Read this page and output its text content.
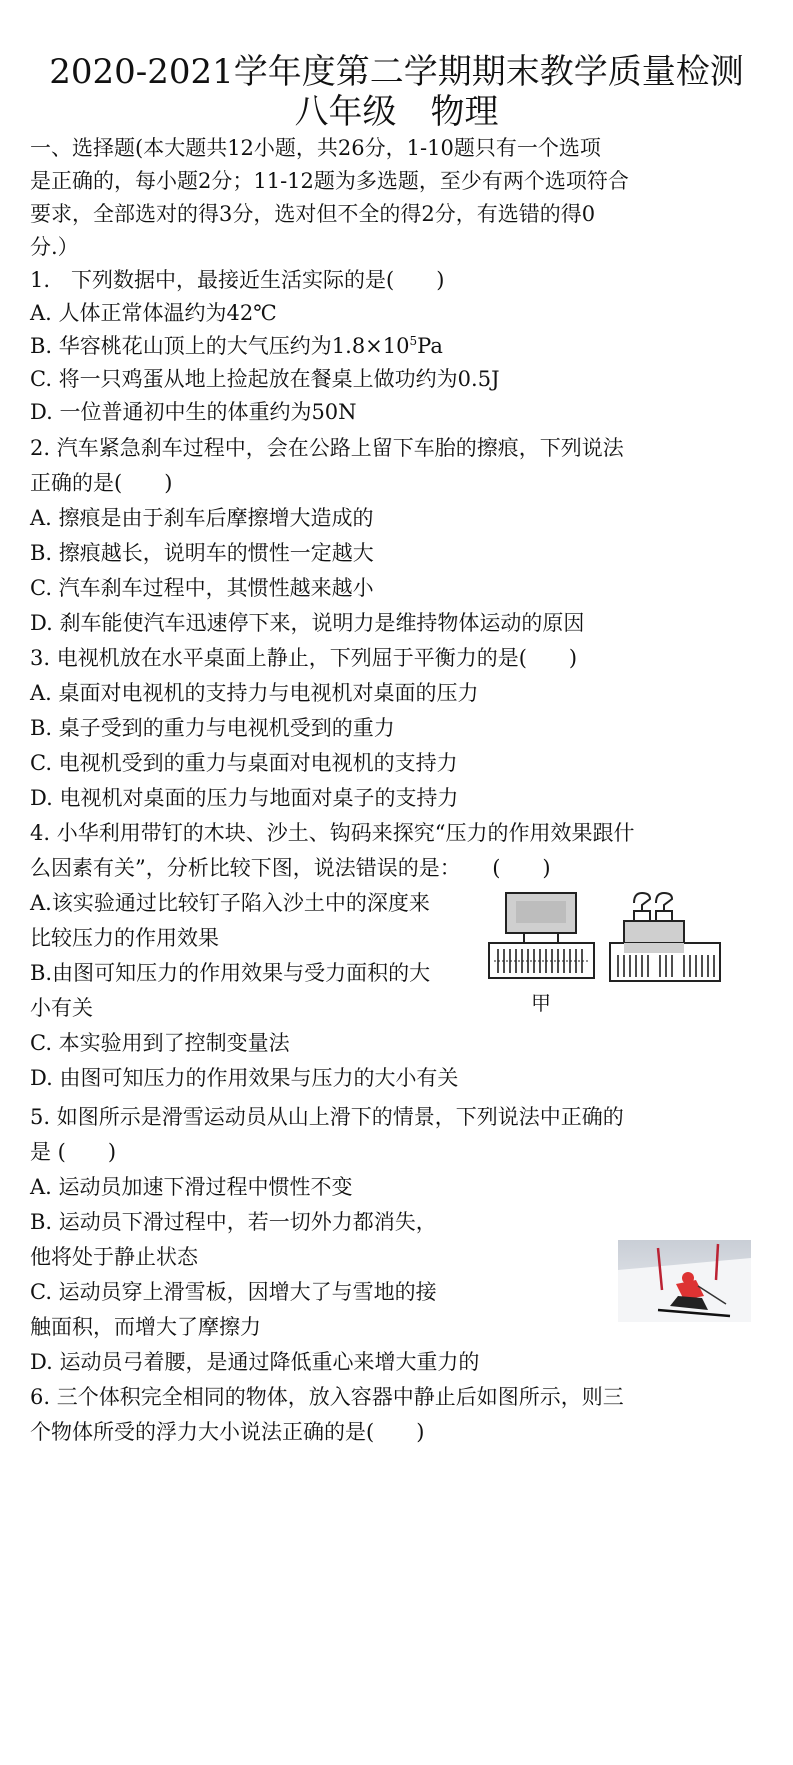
2020-2021学年度第二学期期末教学质量检测
八年级　物理
一、选择题(本大题共12小题，共26分，1-10题只有一个选项
是正确的，每小题2分；11-12题为多选题，至少有两个选项符合
要求，全部选对的得3分，选对但不全的得2分，有选错的得0
分.）
1.　下列数据中，最接近生活实际的是(　　)
A. 人体正常体温约为42℃
B. 华容桃花山顶上的大气压约为$1.8\times 10^5Pa$
C. 将一只鸡蛋从地上捡起放在餐桌上做功约为0.5J
D. 一位普通初中生的体重约为50N
2. 汽车紧急刹车过程中，会在公路上留下车胎的擦痕，下列说法
正确的是(　　)
A. 擦痕是由于刹车后摩擦增大造成的
B. 擦痕越长，说明车的惯性一定越大
C. 汽车刹车过程中，其惯性越来越小
D. 刹车能使汽车迅速停下来，说明力是维持物体运动的原因
3. 电视机放在水平桌面上静止，下列屈于平衡力的是(　　)
A. 桌面对电视机的支持力与电视机对桌面的压力
B. 桌子受到的重力与电视机受到的重力
C. 电视机受到的重力与桌面对电视机的支持力
D. 电视机对桌面的压力与地面对桌子的支持力
4. 小华利用带钉的木块、沙土、钩码来探究“压力的作用效果跟什
么因素有关”，分析比较下图，说法错误的是：　　(　　)
A.该实验通过比较钉子陷入沙土中的深度来
比较压力的作用效果
B.由图可知压力的作用效果与受力面积的大
小有关
C. 本实验用到了控制变量法
D. 由图可知压力的作用效果与压力的大小有关
甲
5. 如图所示是滑雪运动员从山上滑下的情景，下列说法中正确的
是 (　　)
A. 运动员加速下滑过程中惯性不变
B. 运动员下滑过程中，若一切外力都消失，
他将处于静止状态
C. 运动员穿上滑雪板，因增大了与雪地的接
触面积，而增大了摩擦力
D. 运动员弓着腰，是通过降低重心来增大重力的
6. 三个体积完全相同的物体，放入容器中静止后如图所示，则三
个物体所受的浮力大小说法正确的是(　　)
